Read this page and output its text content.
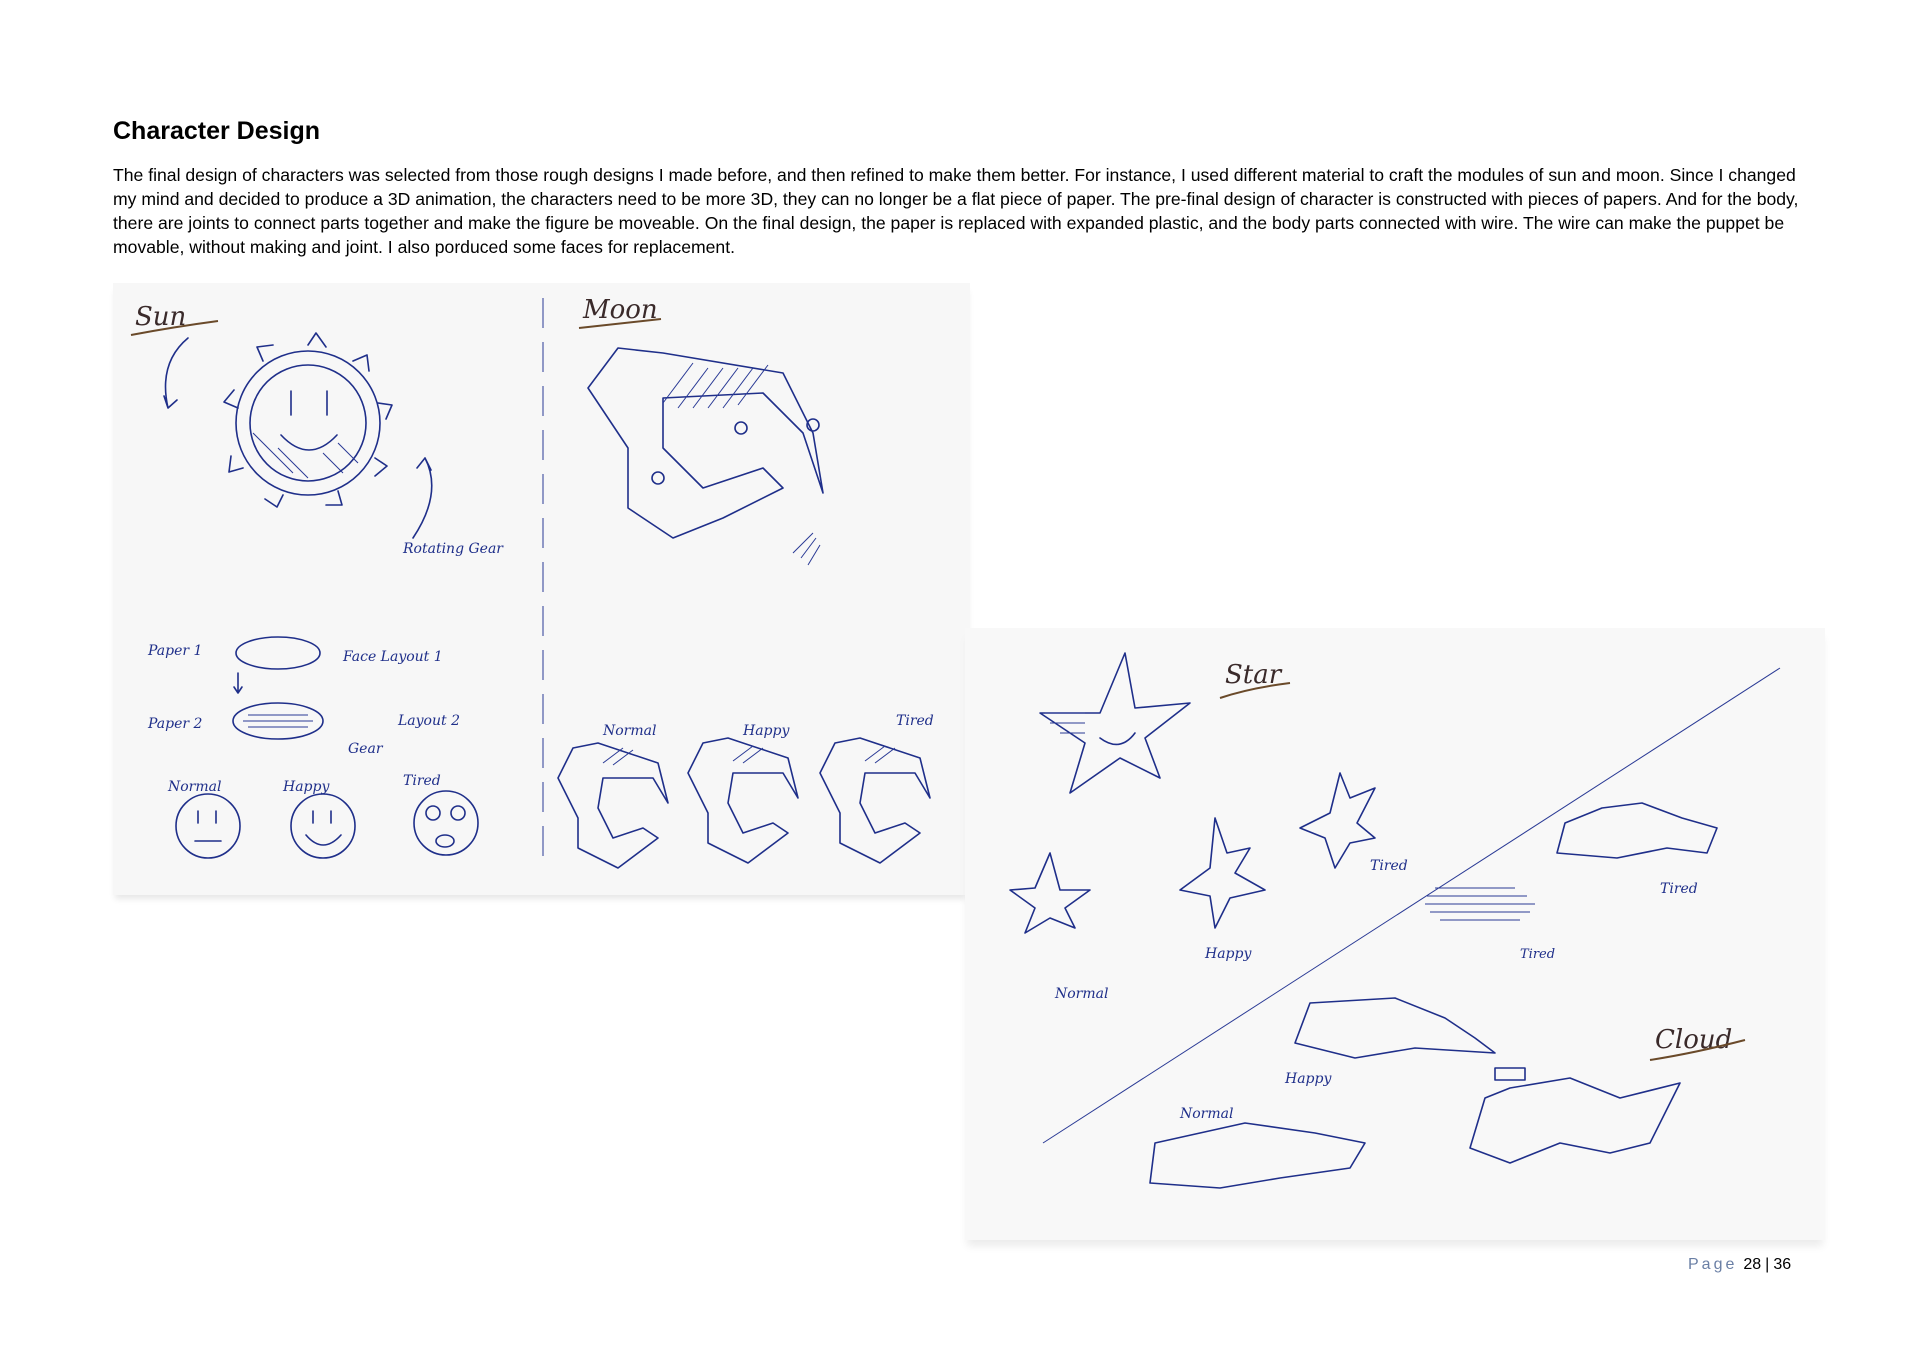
Character Design
The final design of characters was selected from those rough designs I made before, and then refined to make them better. For instance, I used different material to craft the modules of sun and moon. Since I changed my mind and decided to produce a 3D animation, the characters need to be more 3D, they can no longer be a flat piece of paper. The pre-final design of character is constructed with pieces of papers. And for the body, there are joints to connect parts together and make the figure be moveable. On the final design, the paper is replaced with expanded plastic, and the body parts connected with wire. The wire can make the puppet be movable, without making and joint. I also porduced some faces for replacement.
Sun
Rotating Gear
Paper 1	Face Layout 1
Paper 2	Layout 2
Gear
Normal	Happy	Tired
Moon
Normal	Happy
Tired
Star
Cloud
Normal
Happy
Tired
Tired
Tired
Happy
Normal
Page 28 | 36
